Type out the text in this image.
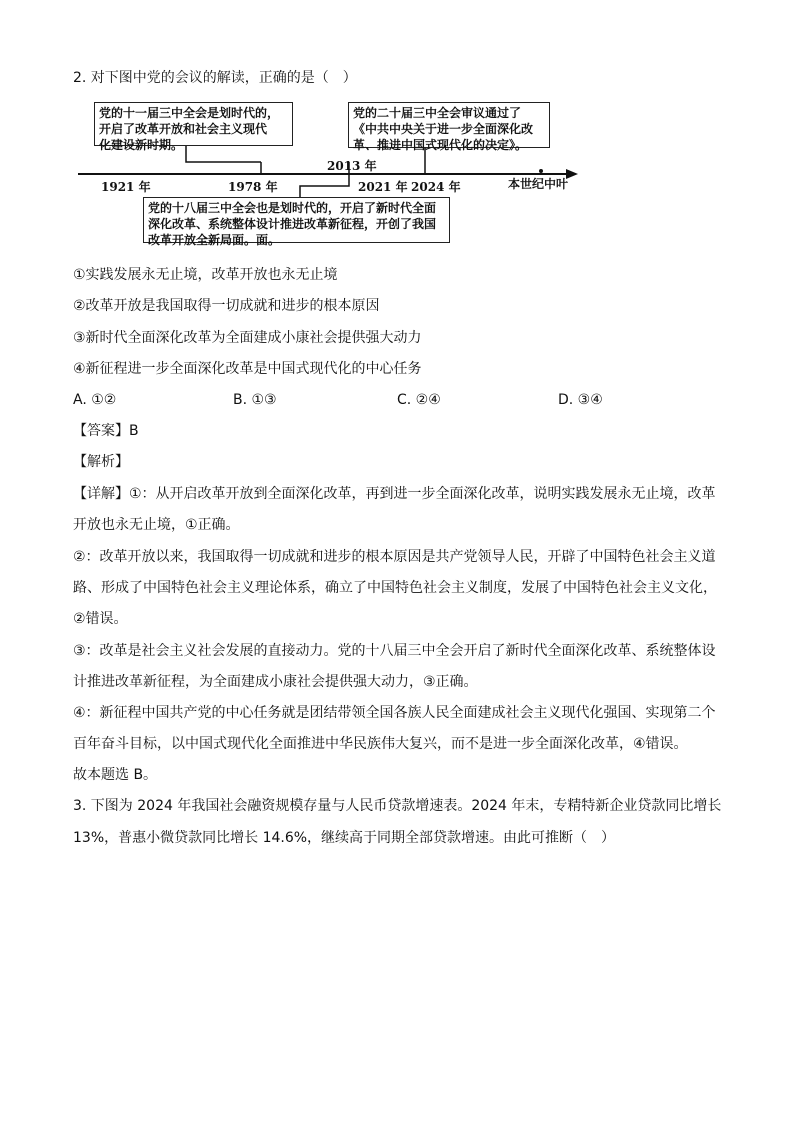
2. 对下图中党的会议的解读，正确的是（　）
党的十一届三中全会是划时代的，
开启了改革开放和社会主义现代
化建设新时期。
党的二十届三中全会审议通过了
《中共中央关于进一步全面深化改
革、推进中国式现代化的决定》。
党的十八届三中全会也是划时代的，开启了新时代全面
深化改革、系统整体设计推进改革新征程，开创了我国
改革开放全新局面。面。
1921 年	1978 年
2013 年
2021 年 2024 年	本世纪中叶
①实践发展永无止境，改革开放也永无止境
②改革开放是我国取得一切成就和进步的根本原因
③新时代全面深化改革为全面建成小康社会提供强大动力
④新征程进一步全面深化改革是中国式现代化的中心任务
A. ①②	B. ①③	C. ②④	D. ③④
【答案】B
【解析】
【详解】①：从开启改革开放到全面深化改革，再到进一步全面深化改革，说明实践发展永无止境，改革
开放也永无止境，①正确。
②：改革开放以来，我国取得一切成就和进步的根本原因是共产党领导人民，开辟了中国特色社会主义道
路、形成了中国特色社会主义理论体系，确立了中国特色社会主义制度，发展了中国特色社会主义文化，
②错误。
③：改革是社会主义社会发展的直接动力。党的十八届三中全会开启了新时代全面深化改革、系统整体设
计推进改革新征程，为全面建成小康社会提供强大动力，③正确。
④：新征程中国共产党的中心任务就是团结带领全国各族人民全面建成社会主义现代化强国、实现第二个
百年奋斗目标，以中国式现代化全面推进中华民族伟大复兴，而不是进一步全面深化改革，④错误。
故本题选 B。
3. 下图为 2024 年我国社会融资规模存量与人民币贷款增速表。2024 年末，专精特新企业贷款同比增长
13%，普惠小微贷款同比增长 14.6%，继续高于同期全部贷款增速。由此可推断（　）
